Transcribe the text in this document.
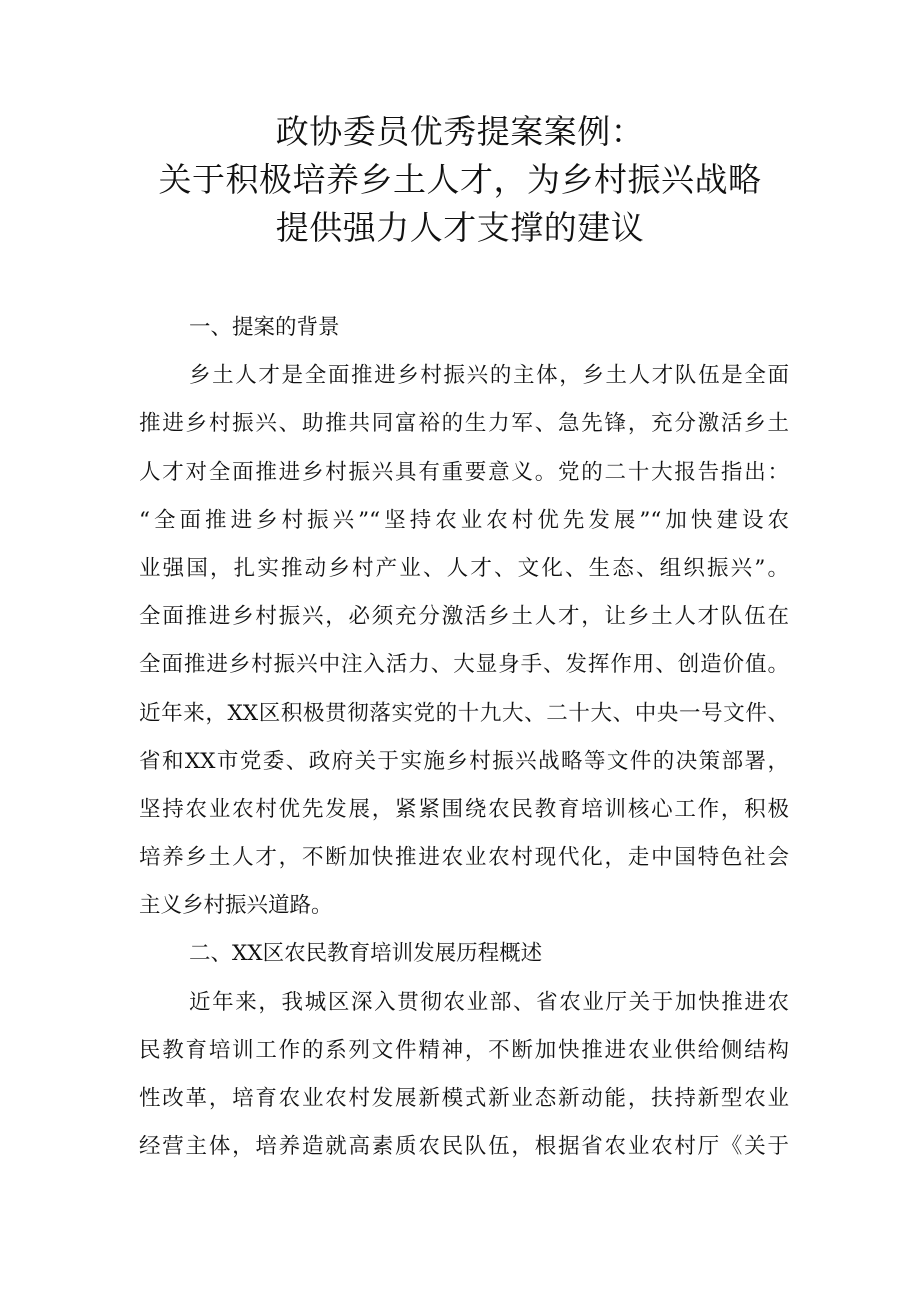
政协委员优秀提案案例：
关于积极培养乡土人才，为乡村振兴战略
提供强力人才支撑的建议
一、提案的背景
乡土人才是全面推进乡村振兴的主体，乡土人才队伍是全面
推进乡村振兴、助推共同富裕的生力军、急先锋，充分激活乡土
人才对全面推进乡村振兴具有重要意义。党的二十大报告指出：
“全面推进乡村振兴”“坚持农业农村优先发展”“加快建设农
业强国，扎实推动乡村产业、人才、文化、生态、组织振兴”。
全面推进乡村振兴，必须充分激活乡土人才，让乡土人才队伍在
全面推进乡村振兴中注入活力、大显身手、发挥作用、创造价值。
近年来，XX区积极贯彻落实党的十九大、二十大、中央一号文件、
省和XX市党委、政府关于实施乡村振兴战略等文件的决策部署，
坚持农业农村优先发展，紧紧围绕农民教育培训核心工作，积极
培养乡土人才，不断加快推进农业农村现代化，走中国特色社会
主义乡村振兴道路。
二、XX区农民教育培训发展历程概述
近年来，我城区深入贯彻农业部、省农业厅关于加快推进农
民教育培训工作的系列文件精神，不断加快推进农业供给侧结构
性改革，培育农业农村发展新模式新业态新动能，扶持新型农业
经营主体，培养造就高素质农民队伍，根据省农业农村厅《关于
